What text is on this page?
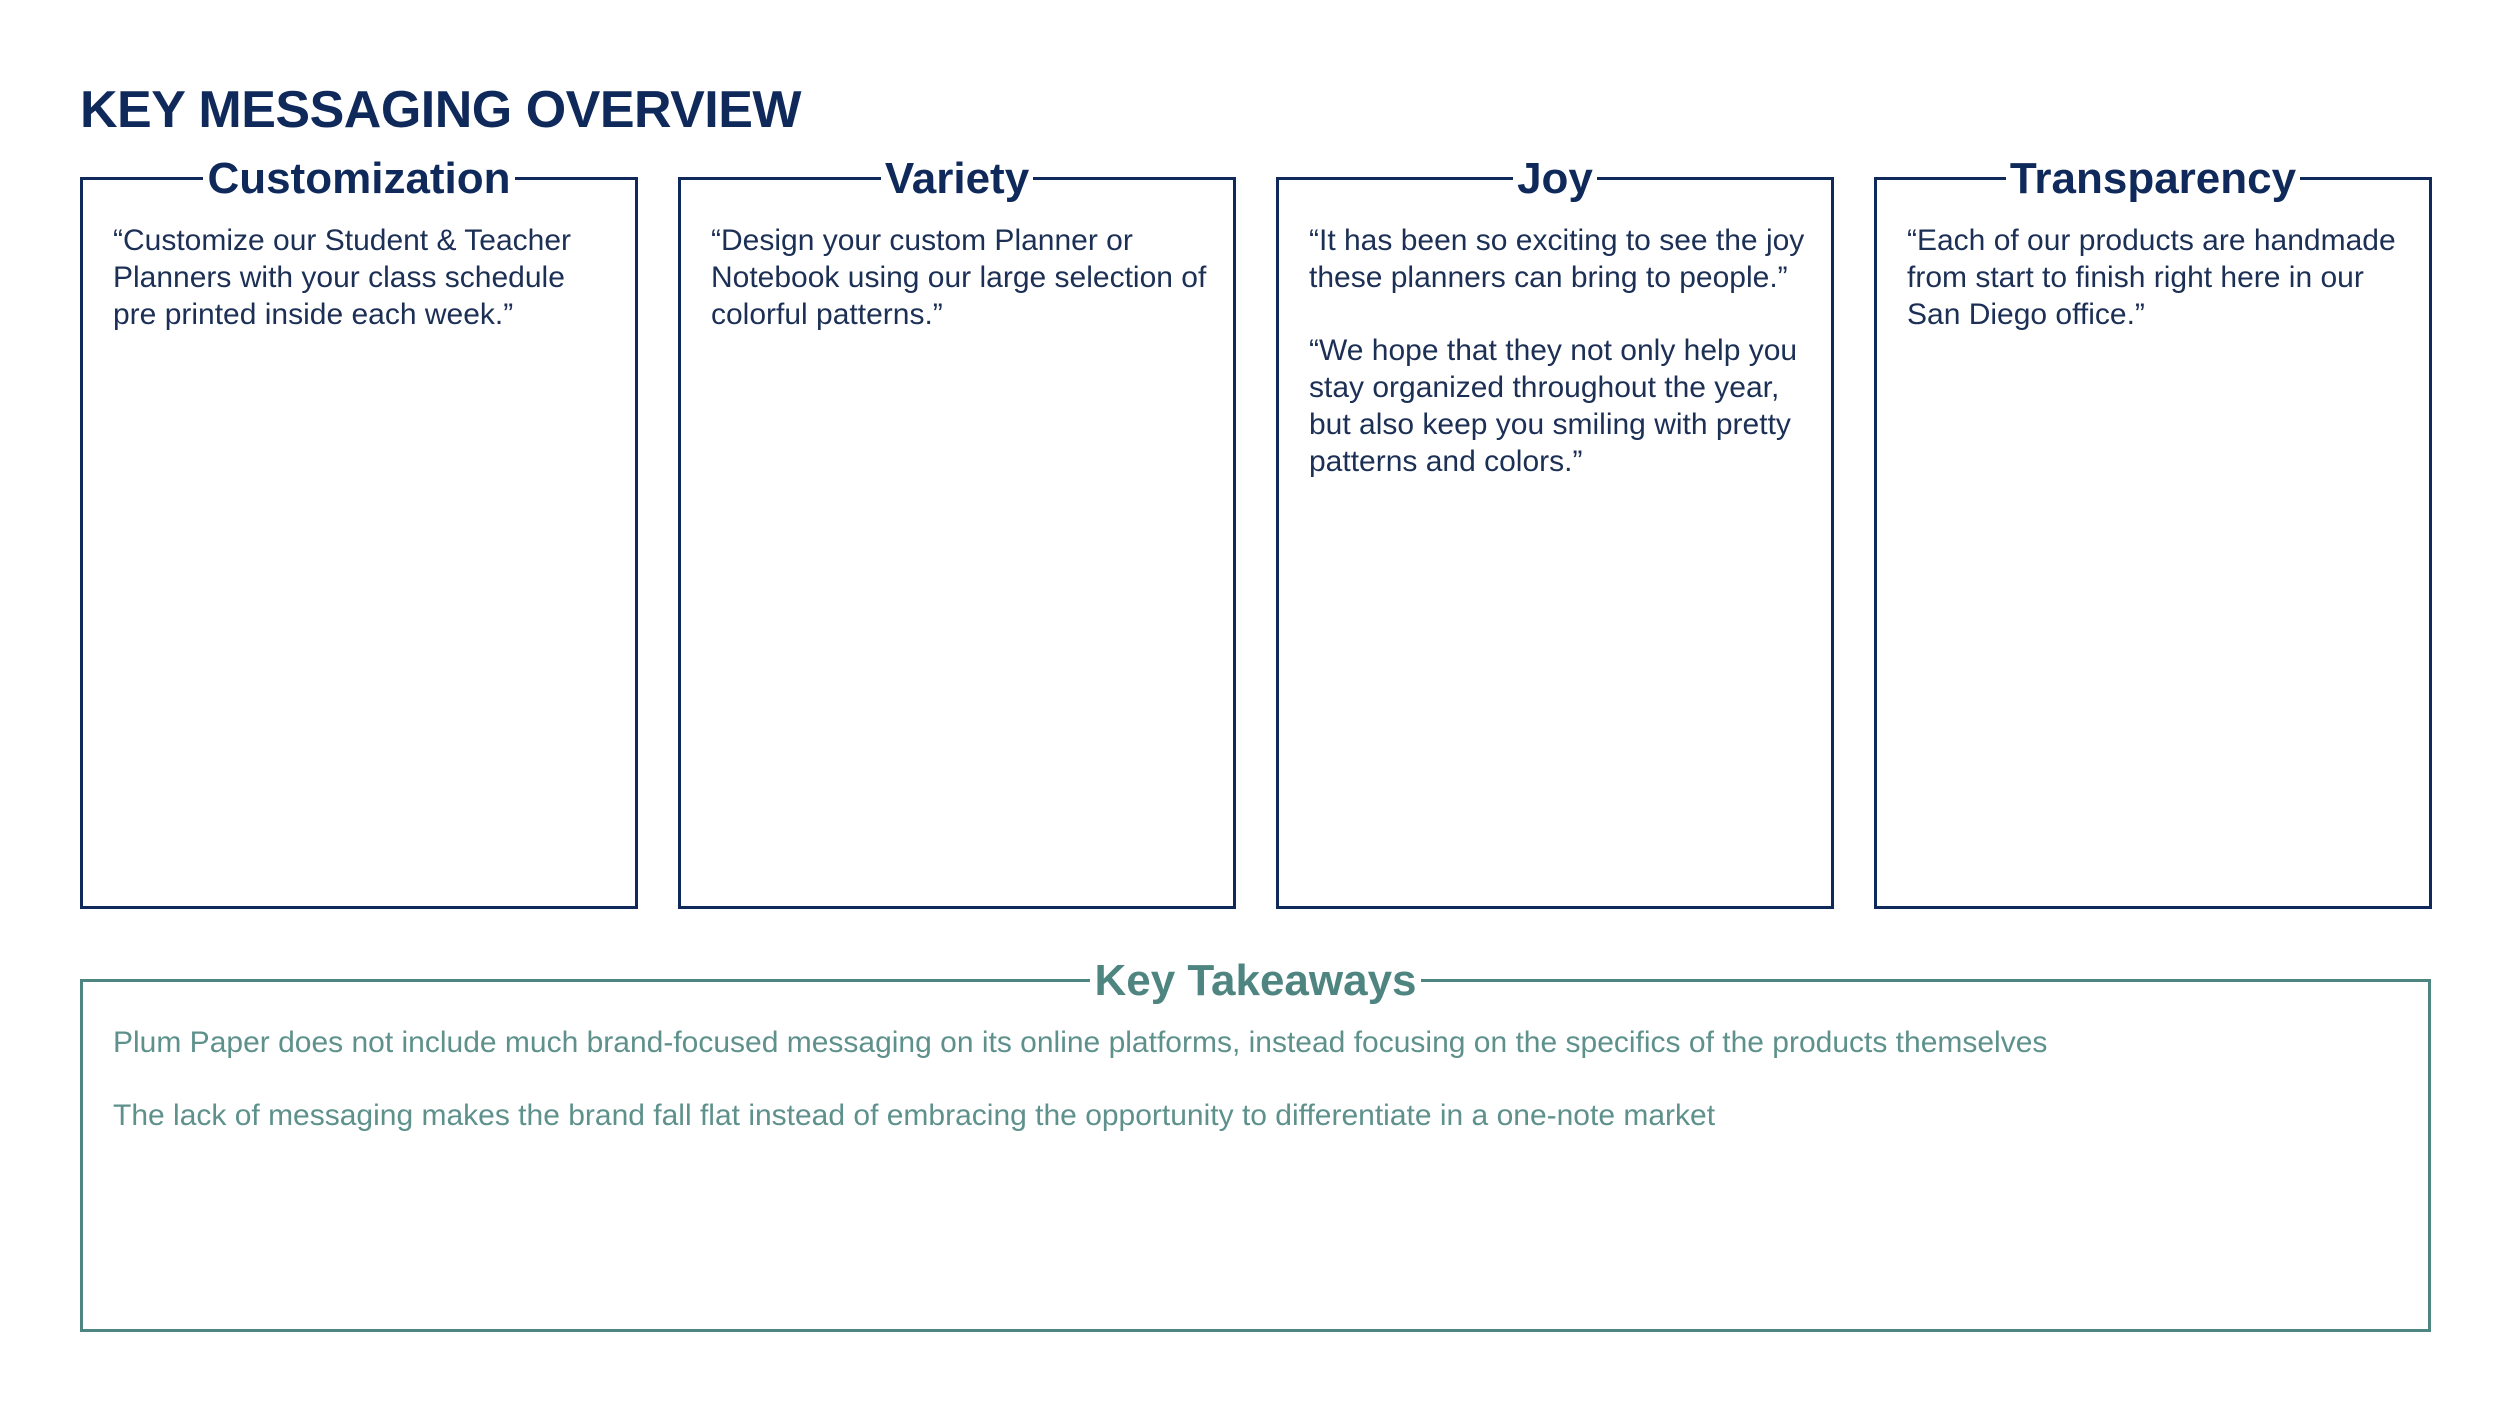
KEY MESSAGING OVERVIEW
Customization

“Customize our Student & Teacher Planners with your class schedule pre printed inside each week.”

Variety

“Design your custom Planner or Notebook using our large selection of colorful patterns.”

Joy

“It has been so exciting to see the joy these planners can bring to people.”

“We hope that they not only help you stay organized throughout the year, but also keep you smiling with pretty patterns and colors.”

Transparency

“Each of our products are handmade from start to finish right here in our San Diego office.”

Key Takeaways

Plum Paper does not include much brand-focused messaging on its online platforms, instead focusing on the specifics of the products themselves

The lack of messaging makes the brand fall flat instead of embracing the opportunity to differentiate in a one-note market
